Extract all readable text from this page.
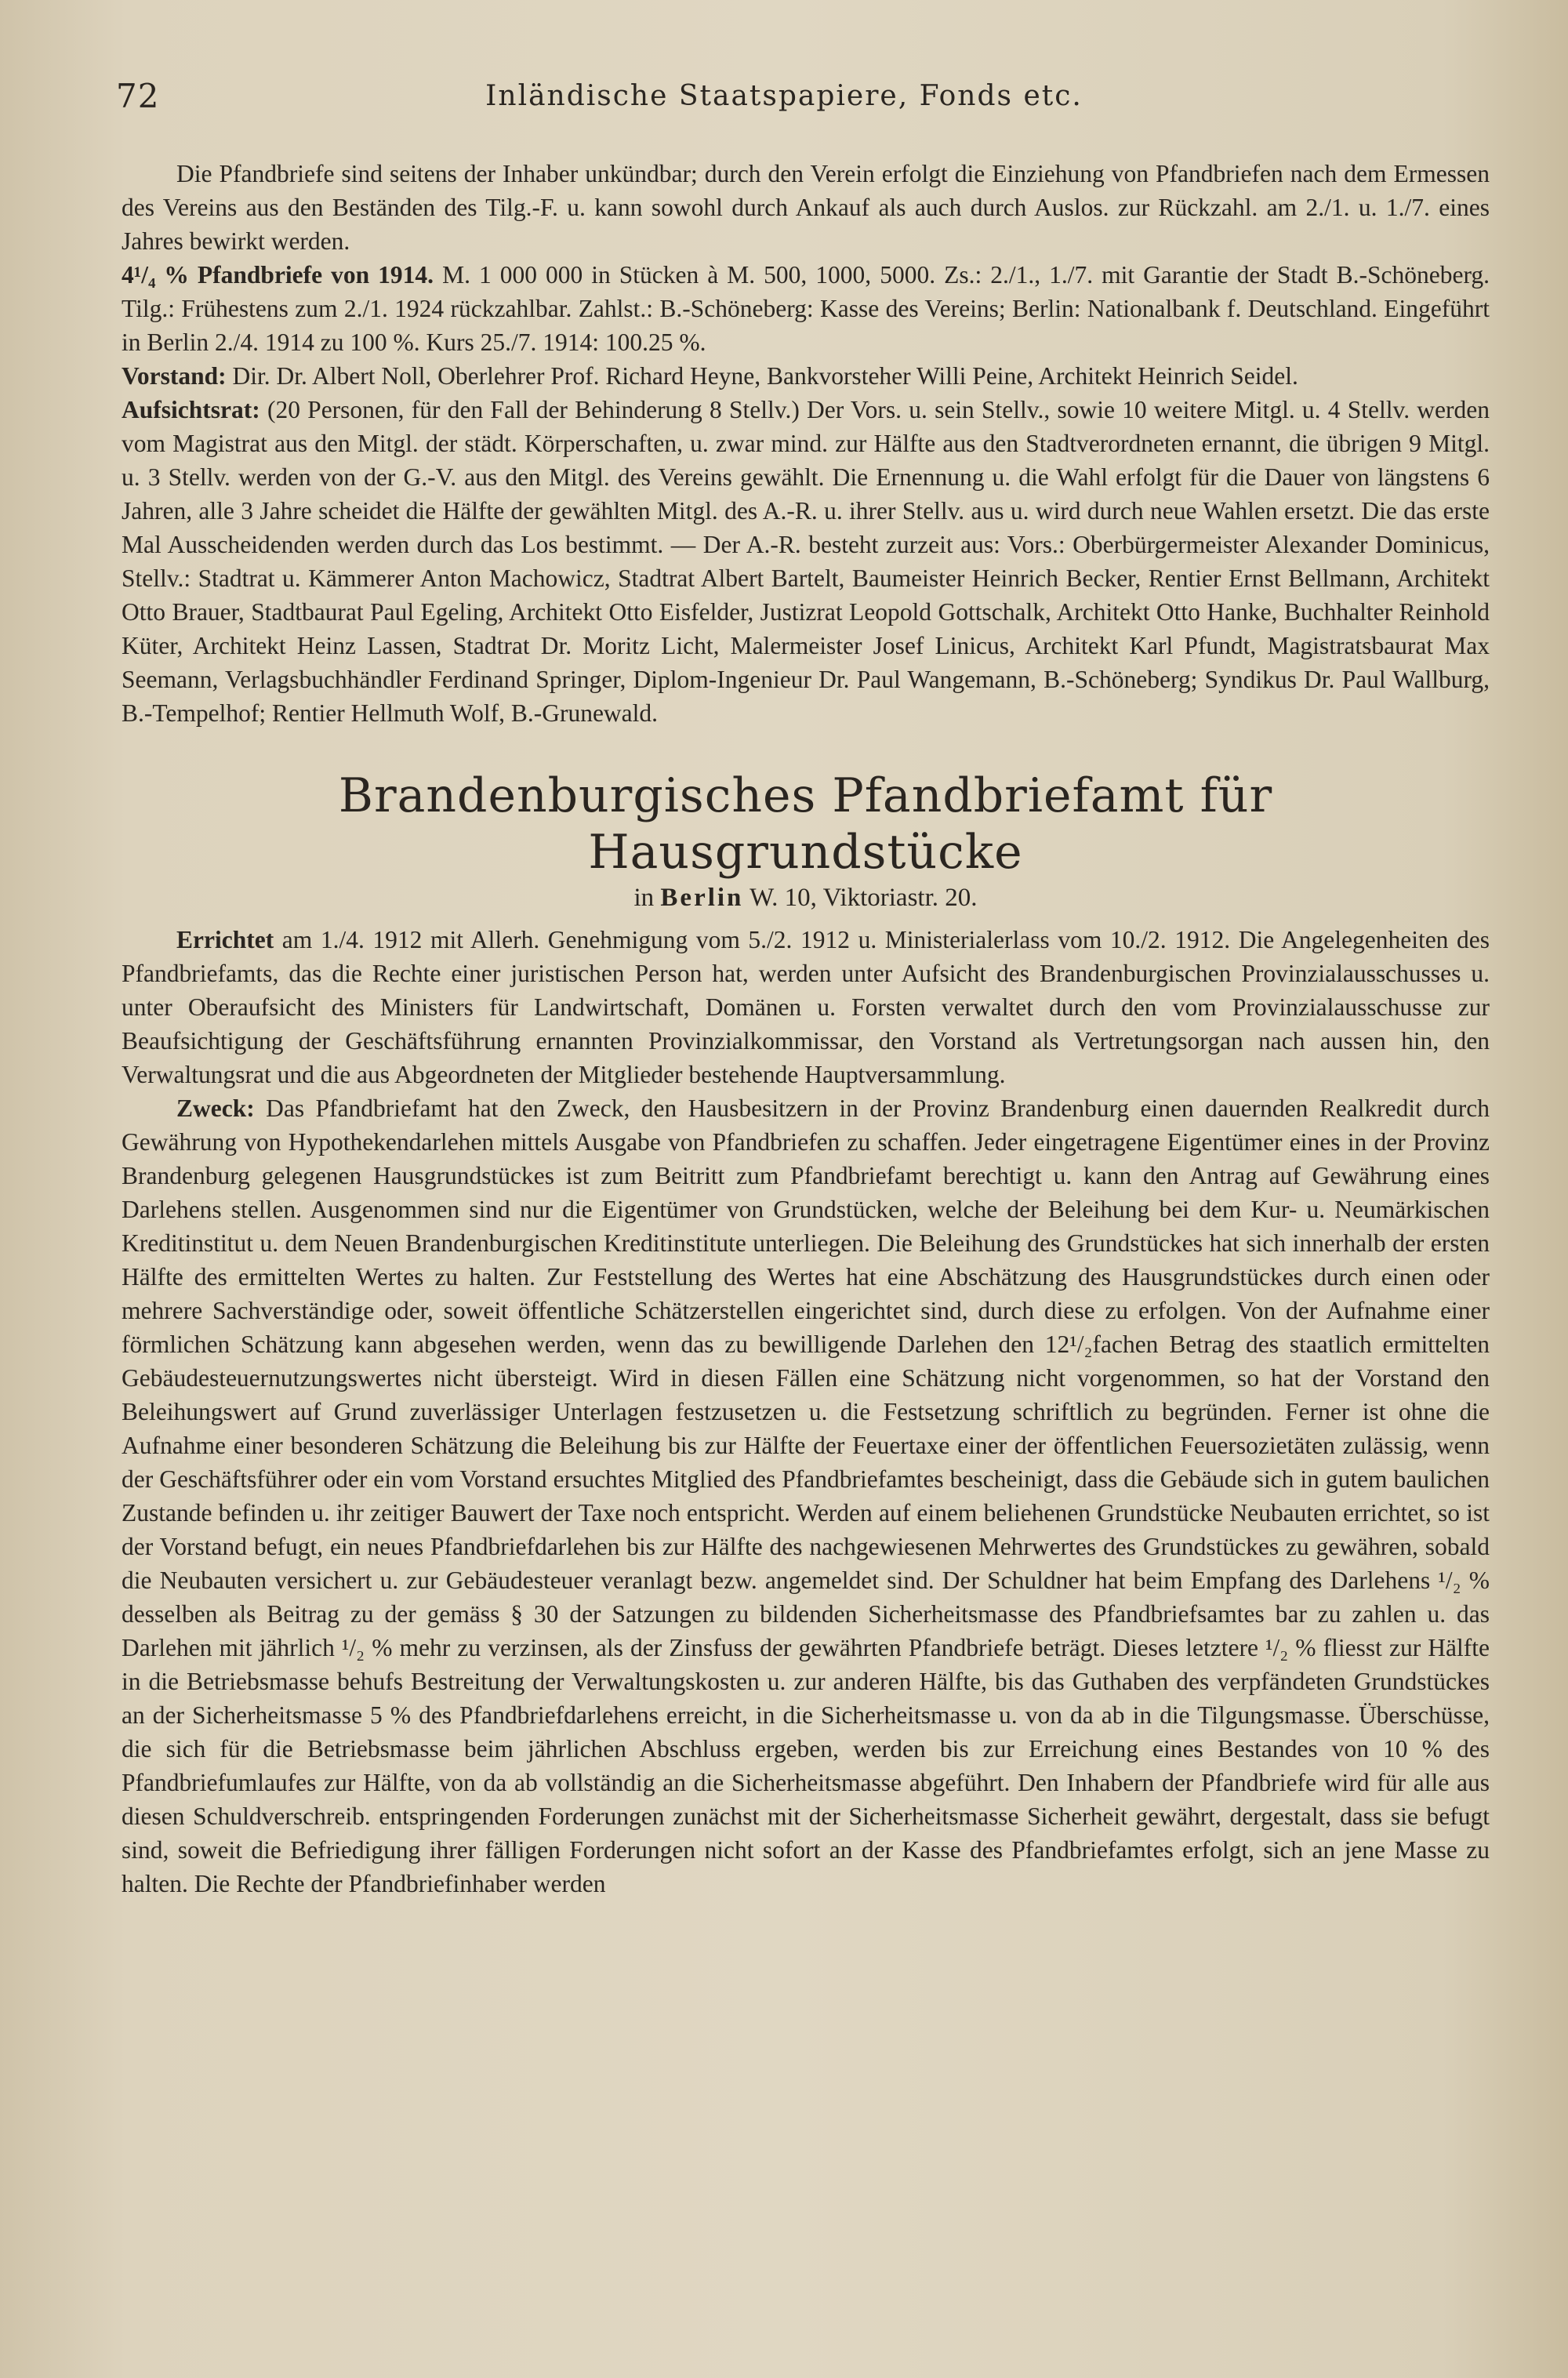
72	Inländische Staatspapiere, Fonds etc.

Die Pfandbriefe sind seitens der Inhaber unkündbar; durch den Verein erfolgt die Einziehung von Pfandbriefen nach dem Ermessen des Vereins aus den Beständen des Tilg.-F. u. kann sowohl durch Ankauf als auch durch Auslos. zur Rückzahl. am 2./1. u. 1./7. eines Jahres bewirkt werden.

4¹/₄ % Pfandbriefe von 1914. M. 1 000 000 in Stücken à M. 500, 1000, 5000. Zs.: 2./1., 1./7. mit Garantie der Stadt B.-Schöneberg. Tilg.: Frühestens zum 2./1. 1924 rückzahlbar. Zahlst.: B.-Schöneberg: Kasse des Vereins; Berlin: Nationalbank f. Deutschland. Eingeführt in Berlin 2./4. 1914 zu 100 %. Kurs 25./7. 1914: 100.25 %.

Vorstand: Dir. Dr. Albert Noll, Oberlehrer Prof. Richard Heyne, Bankvorsteher Willi Peine, Architekt Heinrich Seidel.

Aufsichtsrat: (20 Personen, für den Fall der Behinderung 8 Stellv.) Der Vors. u. sein Stellv., sowie 10 weitere Mitgl. u. 4 Stellv. werden vom Magistrat aus den Mitgl. der städt. Körperschaften, u. zwar mind. zur Hälfte aus den Stadtverordneten ernannt, die übrigen 9 Mitgl. u. 3 Stellv. werden von der G.-V. aus den Mitgl. des Vereins gewählt. Die Ernennung u. die Wahl erfolgt für die Dauer von längstens 6 Jahren, alle 3 Jahre scheidet die Hälfte der gewählten Mitgl. des A.-R. u. ihrer Stellv. aus u. wird durch neue Wahlen ersetzt. Die das erste Mal Ausscheidenden werden durch das Los bestimmt. — Der A.-R. besteht zurzeit aus: Vors.: Oberbürgermeister Alexander Dominicus, Stellv.: Stadtrat u. Kämmerer Anton Machowicz, Stadtrat Albert Bartelt, Baumeister Heinrich Becker, Rentier Ernst Bellmann, Architekt Otto Brauer, Stadtbaurat Paul Egeling, Architekt Otto Eisfelder, Justizrat Leopold Gottschalk, Architekt Otto Hanke, Buchhalter Reinhold Küter, Architekt Heinz Lassen, Stadtrat Dr. Moritz Licht, Malermeister Josef Linicus, Architekt Karl Pfundt, Magistratsbaurat Max Seemann, Verlagsbuchhändler Ferdinand Springer, Diplom-Ingenieur Dr. Paul Wangemann, B.-Schöneberg; Syndikus Dr. Paul Wallburg, B.-Tempelhof; Rentier Hellmuth Wolf, B.-Grunewald.

Brandenburgisches Pfandbriefamt für Hausgrundstücke
in Berlin W. 10, Viktoriastr. 20.

Errichtet am 1./4. 1912 mit Allerh. Genehmigung vom 5./2. 1912 u. Ministerialerlass vom 10./2. 1912. Die Angelegenheiten des Pfandbriefamts, das die Rechte einer juristischen Person hat, werden unter Aufsicht des Brandenburgischen Provinzialausschusses u. unter Oberaufsicht des Ministers für Landwirtschaft, Domänen u. Forsten verwaltet durch den vom Provinzialausschusse zur Beaufsichtigung der Geschäftsführung ernannten Provinzialkommissar, den Vorstand als Vertretungsorgan nach aussen hin, den Verwaltungsrat und die aus Abgeordneten der Mitglieder bestehende Hauptversammlung.

Zweck: Das Pfandbriefamt hat den Zweck, den Hausbesitzern in der Provinz Brandenburg einen dauernden Realkredit durch Gewährung von Hypothekendarlehen mittels Ausgabe von Pfandbriefen zu schaffen. Jeder eingetragene Eigentümer eines in der Provinz Brandenburg gelegenen Hausgrundstückes ist zum Beitritt zum Pfandbriefamt berechtigt u. kann den Antrag auf Gewährung eines Darlehens stellen. Ausgenommen sind nur die Eigentümer von Grundstücken, welche der Beleihung bei dem Kur- u. Neumärkischen Kreditinstitut u. dem Neuen Brandenburgischen Kreditinstitute unterliegen. Die Beleihung des Grundstückes hat sich innerhalb der ersten Hälfte des ermittelten Wertes zu halten. Zur Feststellung des Wertes hat eine Abschätzung des Hausgrundstückes durch einen oder mehrere Sachverständige oder, soweit öffentliche Schätzerstellen eingerichtet sind, durch diese zu erfolgen. Von der Aufnahme einer förmlichen Schätzung kann abgesehen werden, wenn das zu bewilligende Darlehen den 12¹/₂fachen Betrag des staatlich ermittelten Gebäudesteuernutzungswertes nicht übersteigt. Wird in diesen Fällen eine Schätzung nicht vorgenommen, so hat der Vorstand den Beleihungswert auf Grund zuverlässiger Unterlagen festzusetzen u. die Festsetzung schriftlich zu begründen. Ferner ist ohne die Aufnahme einer besonderen Schätzung die Beleihung bis zur Hälfte der Feuertaxe einer der öffentlichen Feuersozietäten zulässig, wenn der Geschäftsführer oder ein vom Vorstand ersuchtes Mitglied des Pfandbriefamtes bescheinigt, dass die Gebäude sich in gutem baulichen Zustande befinden u. ihr zeitiger Bauwert der Taxe noch entspricht. Werden auf einem beliehenen Grundstücke Neubauten errichtet, so ist der Vorstand befugt, ein neues Pfandbriefdarlehen bis zur Hälfte des nachgewiesenen Mehrwertes des Grundstückes zu gewähren, sobald die Neubauten versichert u. zur Gebäudesteuer veranlagt bezw. angemeldet sind. Der Schuldner hat beim Empfang des Darlehens ¹/₂ % desselben als Beitrag zu der gemäss § 30 der Satzungen zu bildenden Sicherheitsmasse des Pfandbriefsamtes bar zu zahlen u. das Darlehen mit jährlich ¹/₂ % mehr zu verzinsen, als der Zinsfuss der gewährten Pfandbriefe beträgt. Dieses letztere ¹/₂ % fliesst zur Hälfte in die Betriebsmasse behufs Bestreitung der Verwaltungskosten u. zur anderen Hälfte, bis das Guthaben des verpfändeten Grundstückes an der Sicherheitsmasse 5 % des Pfandbriefdarlehens erreicht, in die Sicherheitsmasse u. von da ab in die Tilgungsmasse. Überschüsse, die sich für die Betriebsmasse beim jährlichen Abschluss ergeben, werden bis zur Erreichung eines Bestandes von 10 % des Pfandbriefumlaufes zur Hälfte, von da ab vollständig an die Sicherheitsmasse abgeführt. Den Inhabern der Pfandbriefe wird für alle aus diesen Schuldverschreib. entspringenden Forderungen zunächst mit der Sicherheitsmasse Sicherheit gewährt, dergestalt, dass sie befugt sind, soweit die Befriedigung ihrer fälligen Forderungen nicht sofort an der Kasse des Pfandbriefamtes erfolgt, sich an jene Masse zu halten. Die Rechte der Pfandbriefinhaber werden
